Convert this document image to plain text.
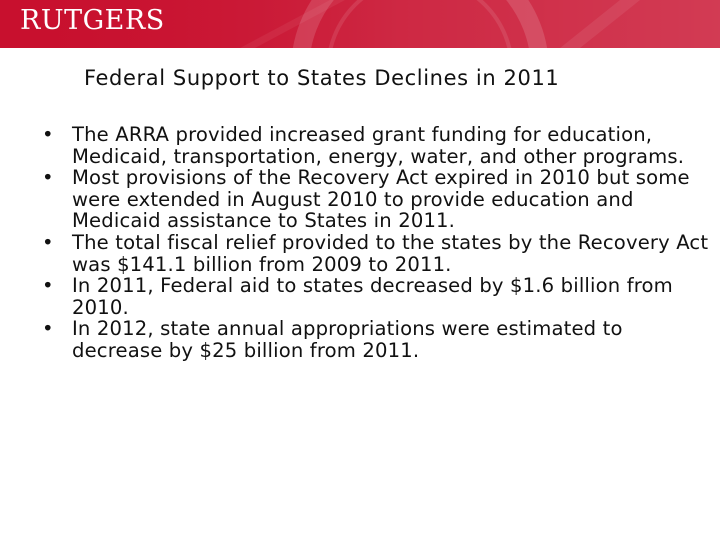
RUTGERS
Federal Support to States Declines in 2011
• The ARRA provided increased grant funding for education, Medicaid, transportation, energy, water, and other programs.
• Most provisions of the Recovery Act expired in 2010 but some were extended in August 2010 to provide education and Medicaid assistance to States in 2011.
• The total fiscal relief provided to the states by the Recovery Act was $141.1 billion from 2009 to 2011.
• In 2011, Federal aid to states decreased by $1.6 billion from 2010.
• In 2012, state annual appropriations were estimated to decrease by $25 billion from 2011.
